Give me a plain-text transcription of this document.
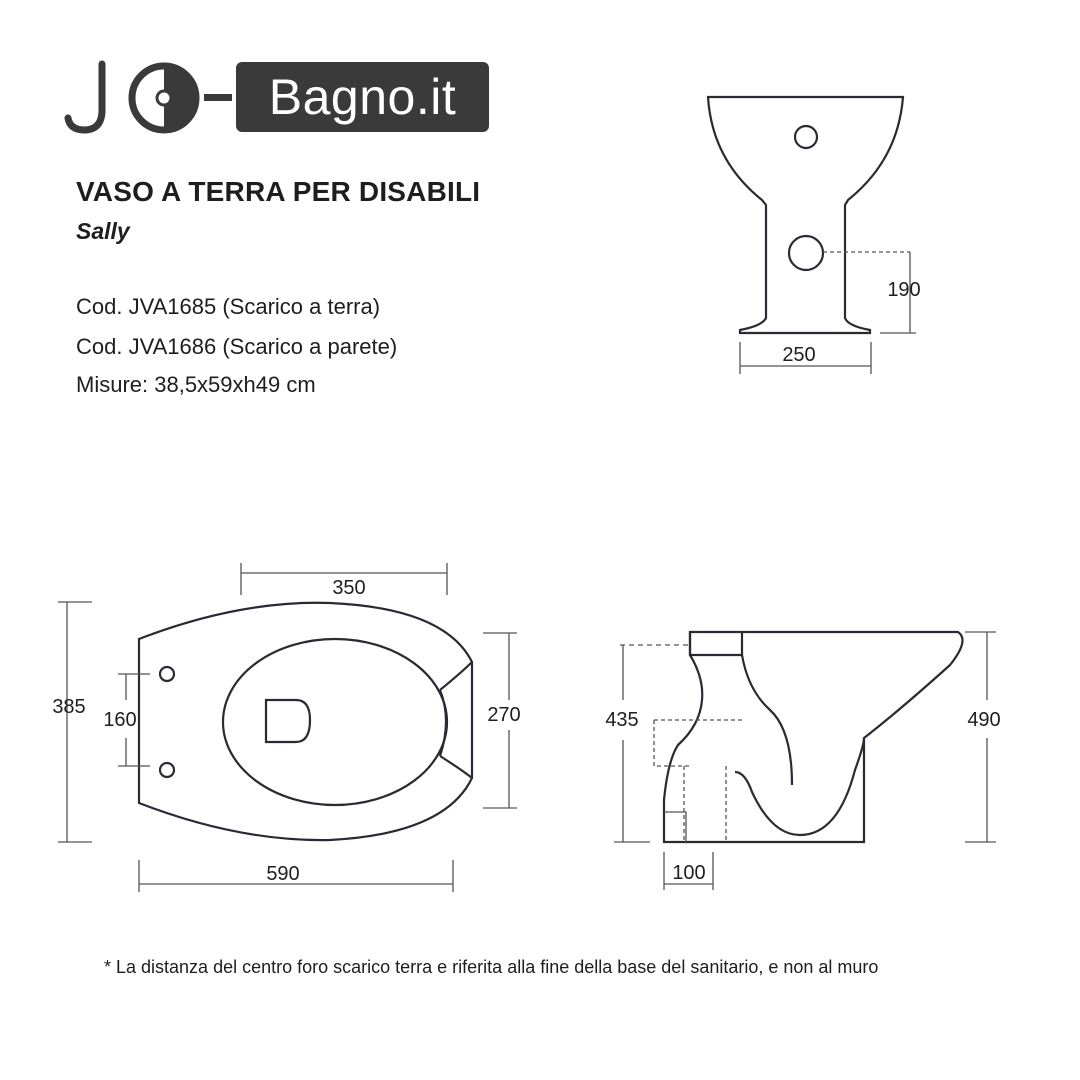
Bagno.it
VASO A TERRA PER DISABILI
Sally
Cod. JVA1685 (Scarico a terra)
Cod. JVA1686 (Scarico a parete)
Misure: 38,5x59xh49 cm
250
190
350
590
385
160	270	435	490
100
* La distanza del centro foro scarico terra e riferita alla fine della base del sanitario, e non al muro
